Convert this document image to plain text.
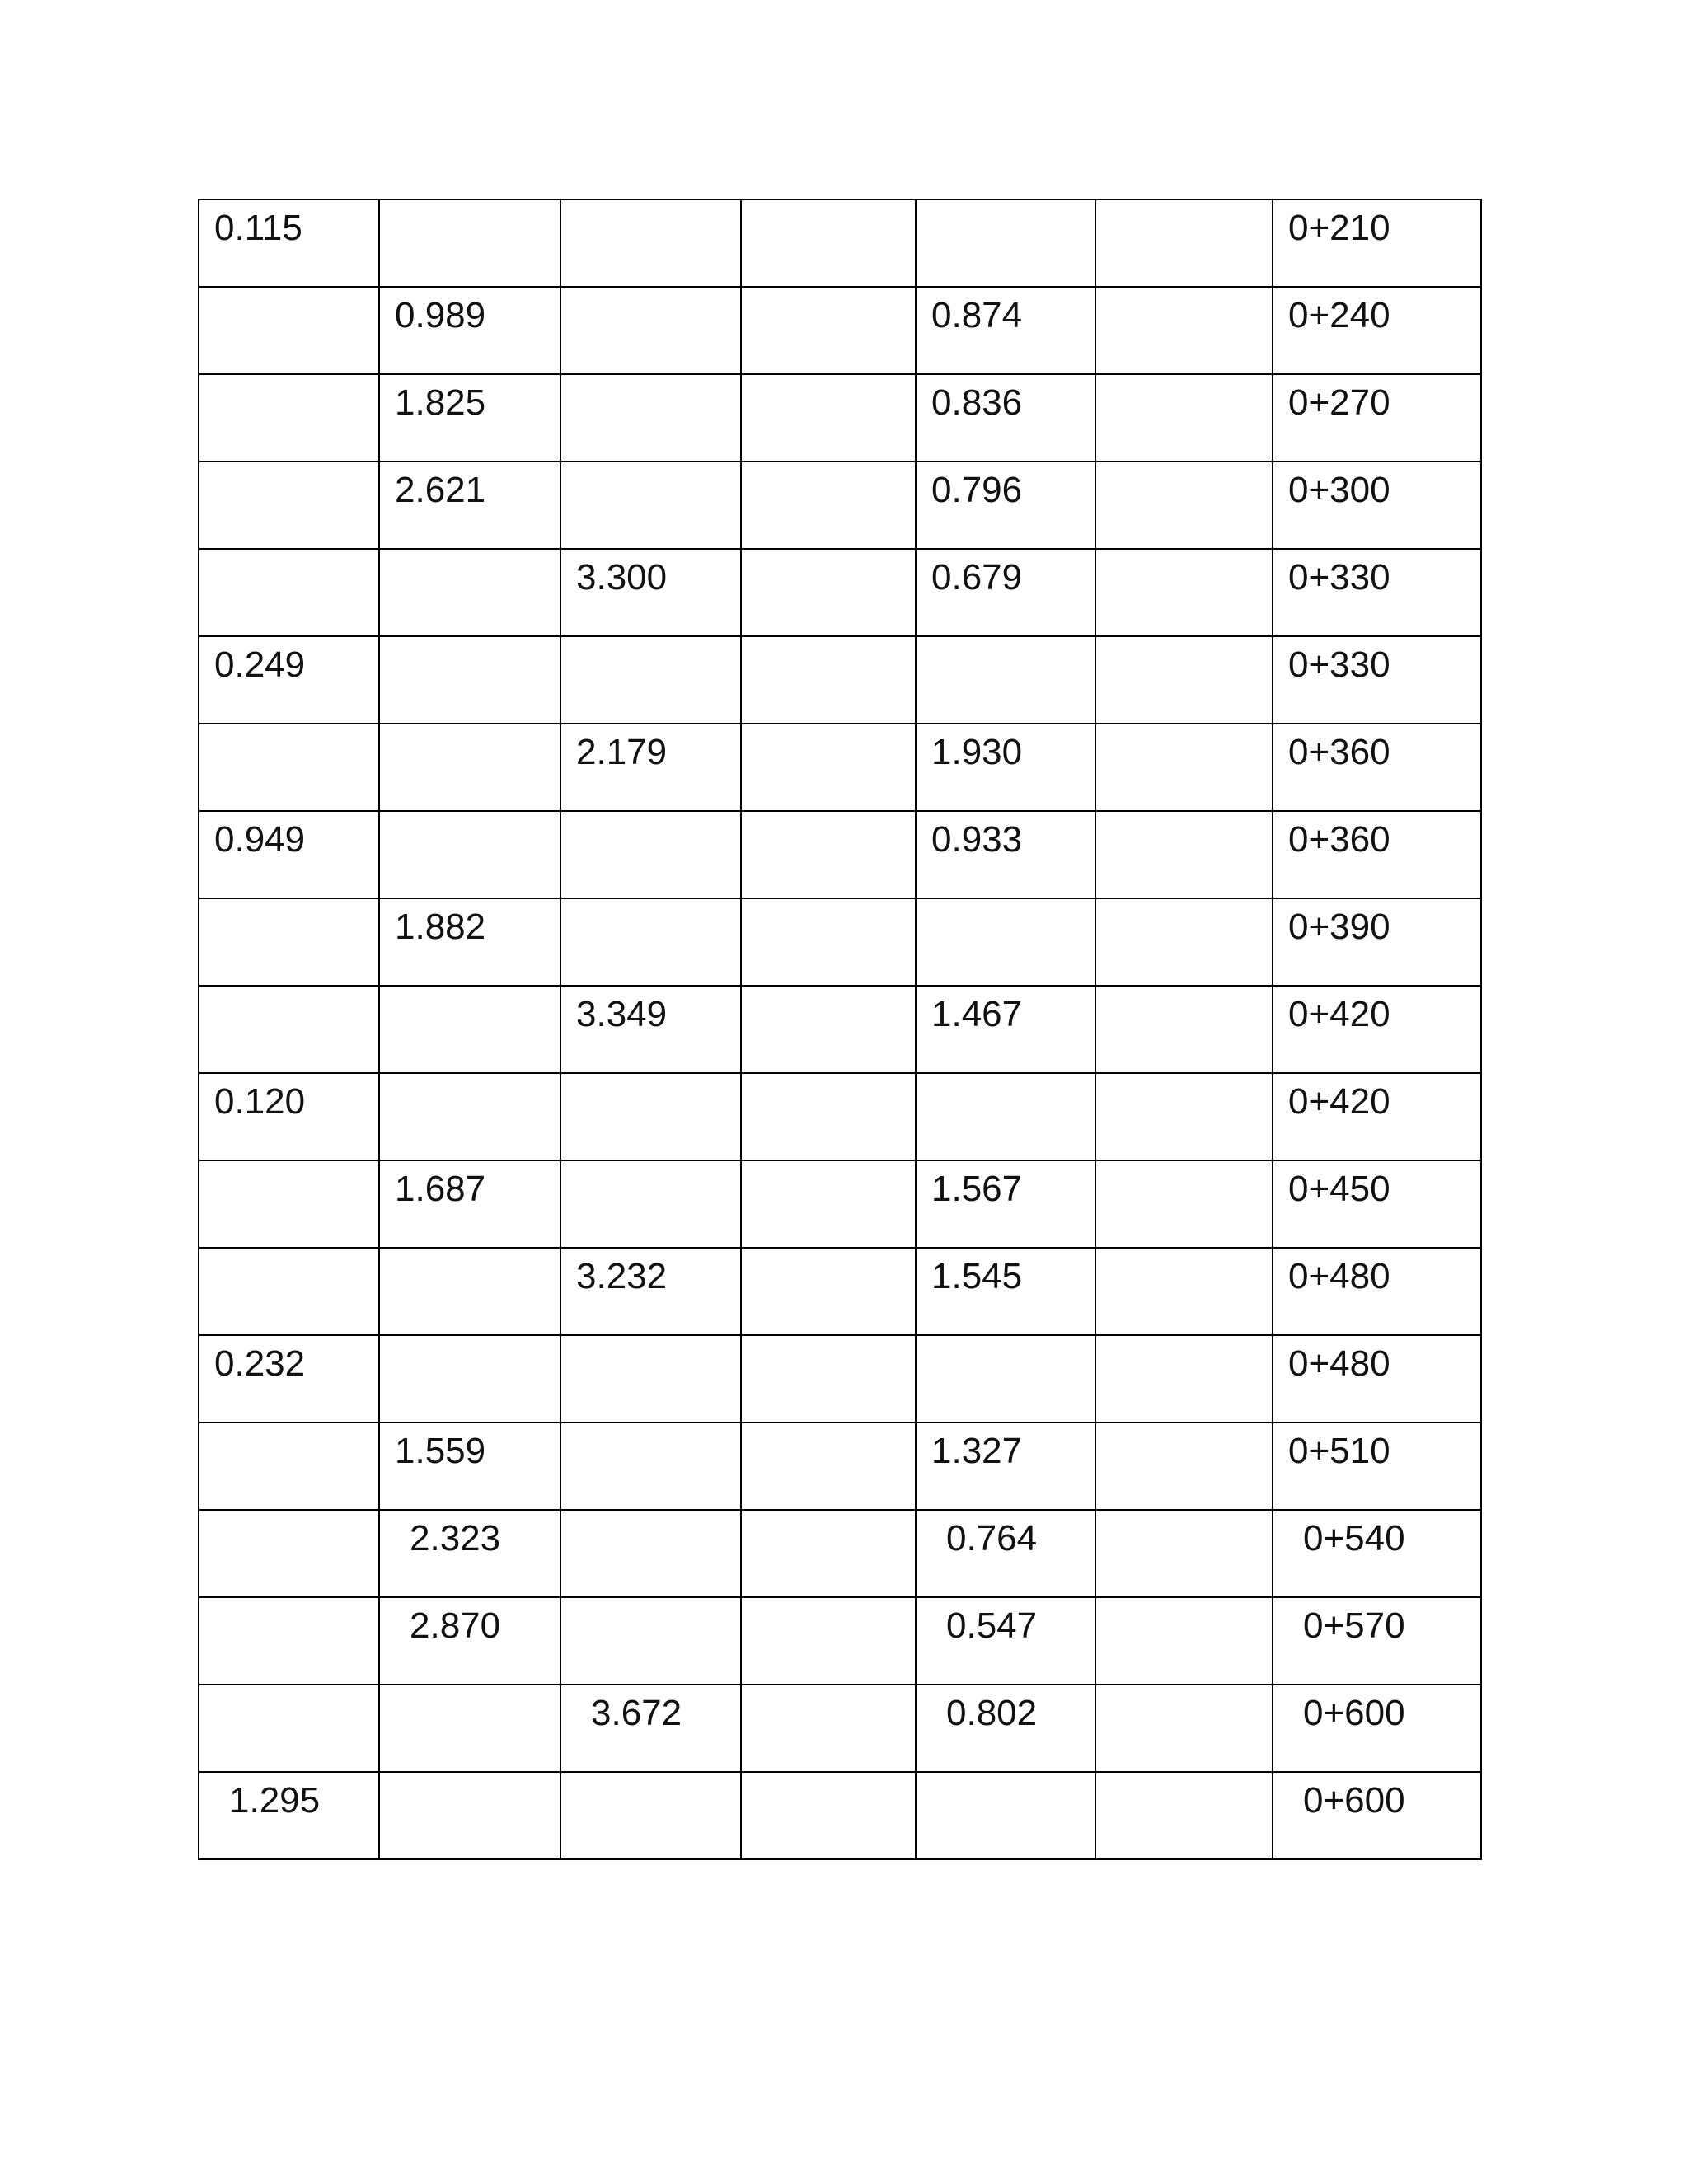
0.115						0+210

	0.989			0.874		0+240

	1.825			0.836		0+270

	2.621			0.796		0+300

		3.300		0.679		0+330

0.249						0+330

		2.179		1.930		0+360

0.949				0.933		0+360

	1.882					0+390

		3.349		1.467		0+420

0.120						0+420

	1.687			1.567		0+450

		3.232		1.545		0+480

0.232						0+480

	1.559			1.327		0+510

	2.323			0.764		0+540

	2.870			0.547		0+570

		3.672		0.802		0+600

1.295						0+600
